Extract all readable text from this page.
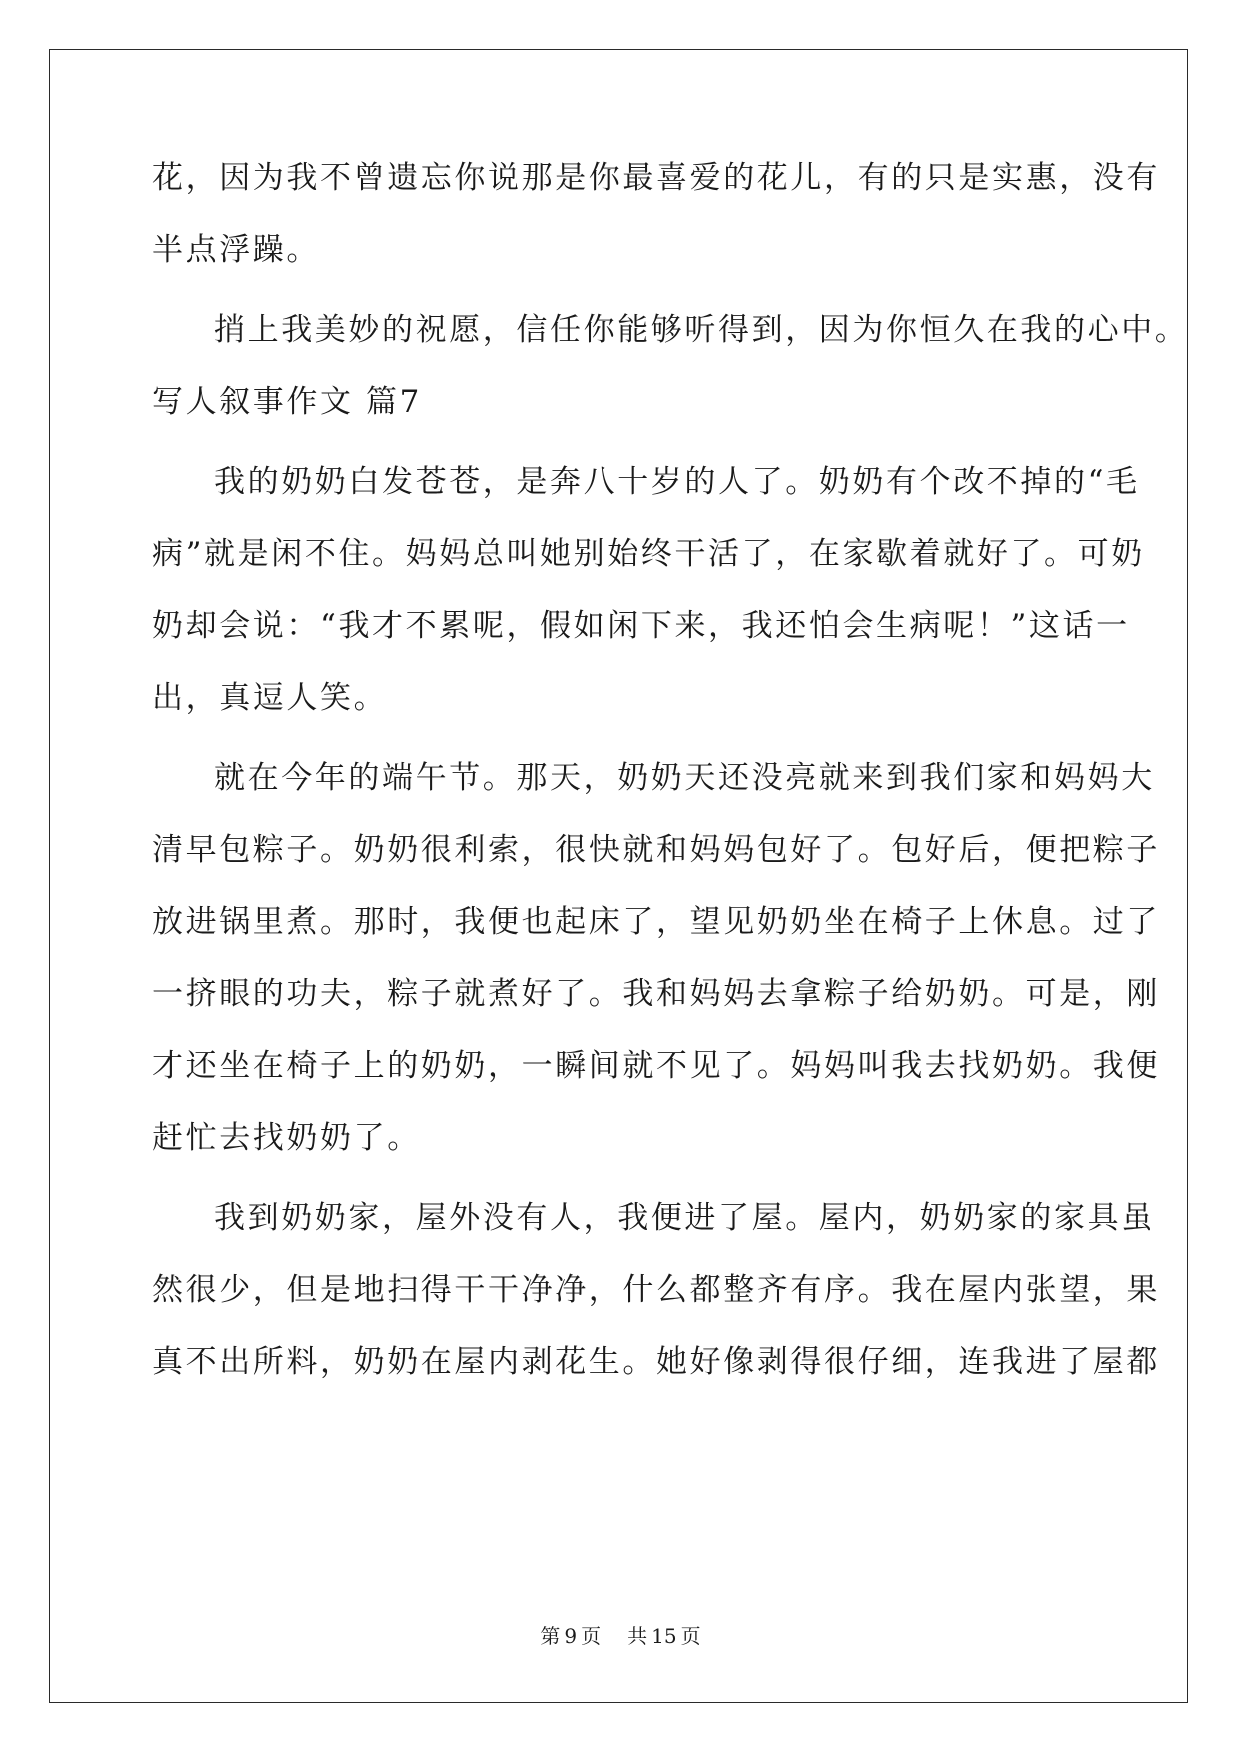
花，因为我不曾遗忘你说那是你最喜爱的花儿，有的只是实惠，没有
半点浮躁。
捎上我美妙的祝愿，信任你能够听得到，因为你恒久在我的心中。
写人叙事作文 篇7
我的奶奶白发苍苍，是奔八十岁的人了。奶奶有个改不掉的“毛
病”就是闲不住。妈妈总叫她别始终干活了，在家歇着就好了。可奶
奶却会说：“我才不累呢，假如闲下来，我还怕会生病呢！”这话一
出，真逗人笑。
就在今年的端午节。那天，奶奶天还没亮就来到我们家和妈妈大
清早包粽子。奶奶很利索，很快就和妈妈包好了。包好后，便把粽子
放进锅里煮。那时，我便也起床了，望见奶奶坐在椅子上休息。过了
一挤眼的功夫，粽子就煮好了。我和妈妈去拿粽子给奶奶。可是，刚
才还坐在椅子上的奶奶，一瞬间就不见了。妈妈叫我去找奶奶。我便
赶忙去找奶奶了。
我到奶奶家，屋外没有人，我便进了屋。屋内，奶奶家的家具虽
然很少，但是地扫得干干净净，什么都整齐有序。我在屋内张望，果
真不出所料，奶奶在屋内剥花生。她好像剥得很仔细，连我进了屋都
第 9 页 共 15 页
